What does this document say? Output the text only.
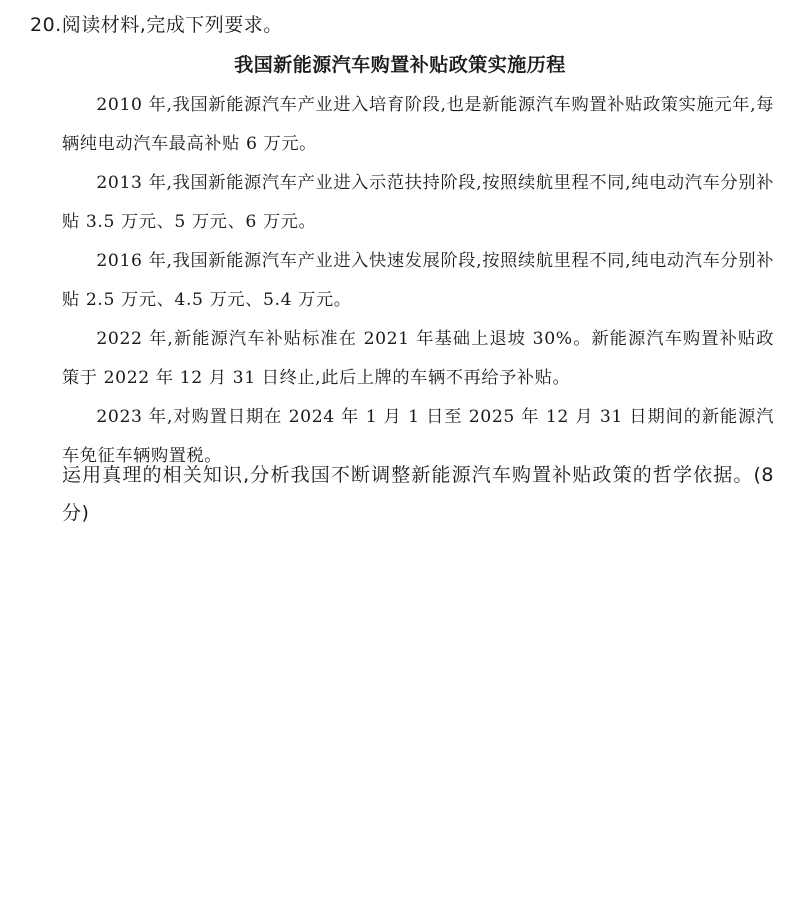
20.阅读材料,完成下列要求。
我国新能源汽车购置补贴政策实施历程

2010 年,我国新能源汽车产业进入培育阶段,也是新能源汽车购置补贴政策实施元年,每辆纯电动汽车最高补贴 6 万元。

2013 年,我国新能源汽车产业进入示范扶持阶段,按照续航里程不同,纯电动汽车分别补贴 3.5 万元、5 万元、6 万元。

2016 年,我国新能源汽车产业进入快速发展阶段,按照续航里程不同,纯电动汽车分别补贴 2.5 万元、4.5 万元、5.4 万元。

2022 年,新能源汽车补贴标准在 2021 年基础上退坡 30%。新能源汽车购置补贴政策于 2022 年 12 月 31 日终止,此后上牌的车辆不再给予补贴。

2023 年,对购置日期在 2024 年 1 月 1 日至 2025 年 12 月 31 日期间的新能源汽车免征车辆购置税。

运用真理的相关知识,分析我国不断调整新能源汽车购置补贴政策的哲学依据。(8 分)
